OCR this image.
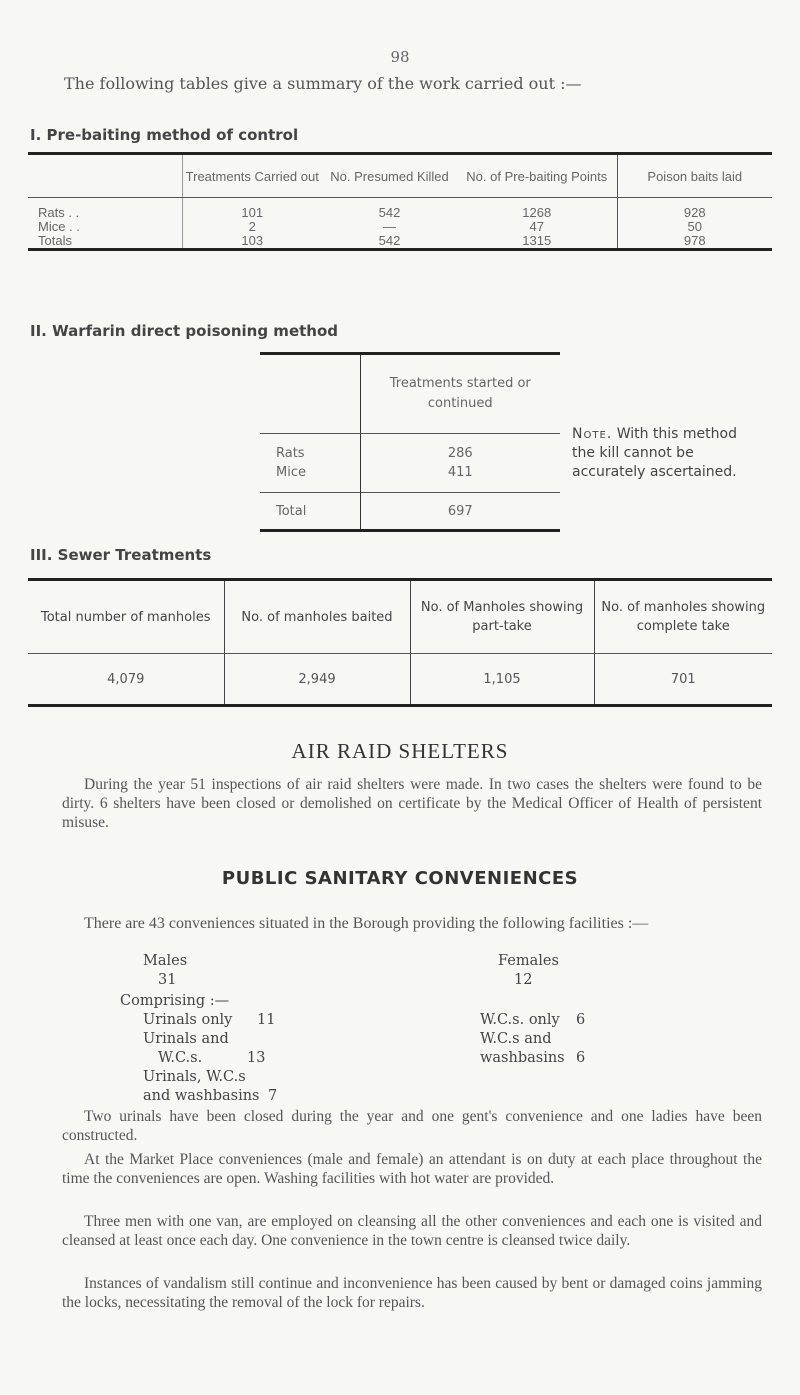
98
The following tables give a summary of the work carried out :—
I. Pre-baiting method of control
	Treatments Carried out	No. Presumed Killed	No. of Pre-baiting Points	Poison baits laid
Rats . .	101	542	1268	928
Mice . .	2	—	47	50
Totals	103	542	1315	978
II. Warfarin direct poisoning method
	Treatments started or continued
Rats	286
Mice	411
Total	697
Note. With this method the kill cannot be accurately ascertained.
III. Sewer Treatments
Total number of manholes	No. of manholes baited	No. of Manholes showing part-take	No. of manholes showing complete take
4,079	2,949	1,105	701
AIR RAID SHELTERS
During the year 51 inspections of air raid shelters were made. In two cases the shelters were found to be dirty. 6 shelters have been closed or demolished on certificate by the Medical Officer of Health of persistent misuse.
PUBLIC SANITARY CONVENIENCES
There are 43 conveniences situated in the Borough providing the following facilities :—
Males
31
Females
12
Comprising :—
Urinals only 11
Urinals and
W.C.s.	13
Urinals, W.C.s
and washbasins 7
W.C.s. only 6
W.C.s and
washbasins 6
Two urinals have been closed during the year and one gent's convenience and one ladies have been constructed.
At the Market Place conveniences (male and female) an attendant is on duty at each place throughout the time the conveniences are open. Washing facilities with hot water are provided.
Three men with one van, are employed on cleansing all the other conveniences and each one is visited and cleansed at least once each day. One convenience in the town centre is cleansed twice daily.
Instances of vandalism still continue and inconvenience has been caused by bent or damaged coins jamming the locks, necessitating the removal of the lock for repairs.
